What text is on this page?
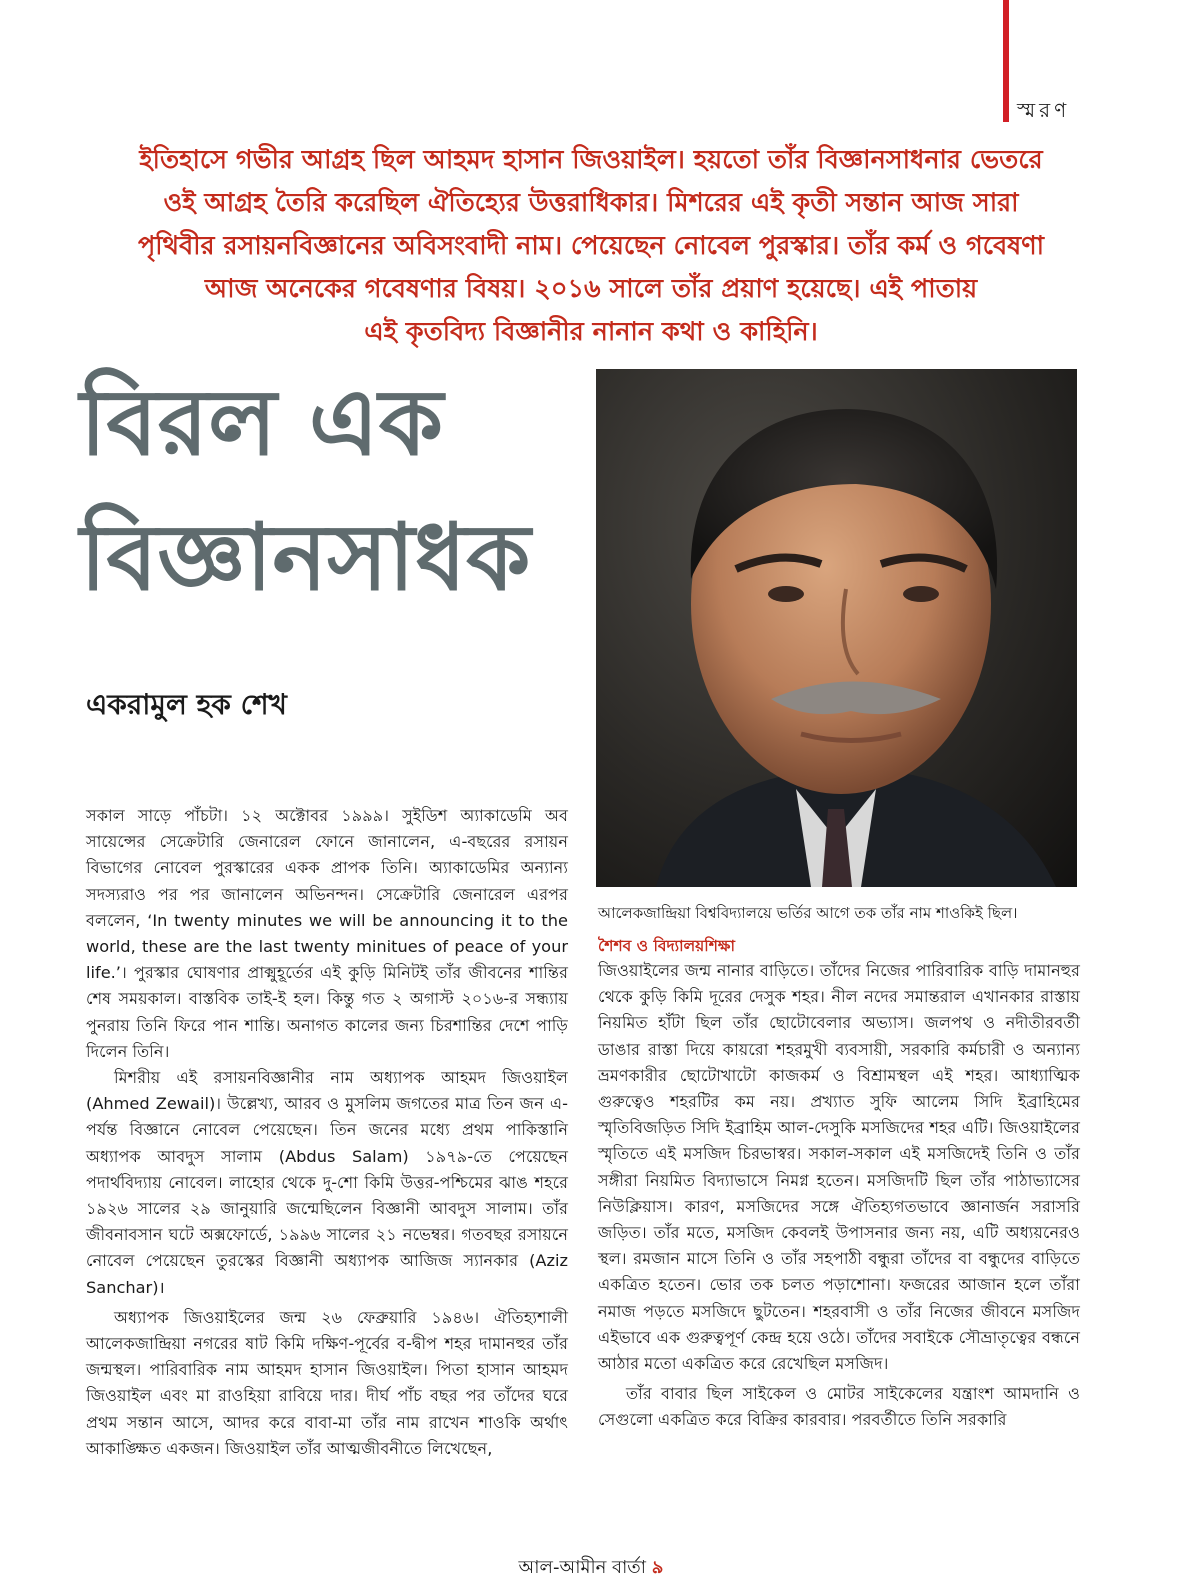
স্মরণ
ইতিহাসে গভীর আগ্রহ ছিল আহমদ হাসান জিওয়াইল। হয়তো তাঁর বিজ্ঞানসাধনার ভেতরে
ওই আগ্রহ তৈরি করেছিল ঐতিহ্যের উত্তরাধিকার। মিশরের এই কৃতী সন্তান আজ সারা
পৃথিবীর রসায়নবিজ্ঞানের অবিসংবাদী নাম। পেয়েছেন নোবেল পুরস্কার। তাঁর কর্ম ও গবেষণা
আজ অনেকের গবেষণার বিষয়। ২০১৬ সালে তাঁর প্রয়াণ হয়েছে। এই পাতায়
এই কৃতবিদ্য বিজ্ঞানীর নানান কথা ও কাহিনি।
বিরল এক
বিজ্ঞানসাধক
একরামুল হক শেখ
আলেকজান্দ্রিয়া বিশ্ববিদ্যালয়ে ভর্তির আগে তক তাঁর নাম শাওকিই ছিল।
শৈশব ও বিদ্যালয়শিক্ষা

সকাল সাড়ে পাঁচটা। ১২ অক্টোবর ১৯৯৯। সুইডিশ অ্যাকাডেমি অব সায়েন্সের সেক্রেটারি জেনারেল ফোনে জানালেন, এ-বছরের রসায়ন বিভাগের নোবেল পুরস্কারের একক প্রাপক তিনি। অ্যাকাডেমির অন্যান্য সদস্যরাও পর পর জানালেন অভিনন্দন। সেক্রেটারি জেনারেল এরপর বললেন, ‘In twenty minutes we will be announcing it to the world, these are the last twenty minitues of peace of your life.’। পুরস্কার ঘোষণার প্রাক্মুহূর্তের এই কুড়ি মিনিটই তাঁর জীবনের শান্তির শেষ সময়কাল। বাস্তবিক তাই-ই হল। কিন্তু গত ২ অগাস্ট ২০১৬-র সন্ধ্যায় পুনরায় তিনি ফিরে পান শান্তি। অনাগত কালের জন্য চিরশান্তির দেশে পাড়ি দিলেন তিনি।

মিশরীয় এই রসায়নবিজ্ঞানীর নাম অধ্যাপক আহমদ জিওয়াইল (Ahmed Zewail)। উল্লেখ্য, আরব ও মুসলিম জগতের মাত্র তিন জন এ-পর্যন্ত বিজ্ঞানে নোবেল পেয়েছেন। তিন জনের মধ্যে প্রথম পাকিস্তানি অধ্যাপক আবদুস সালাম (Abdus Salam) ১৯৭৯-তে পেয়েছেন পদার্থবিদ্যায় নোবেল। লাহোর থেকে দু-শো কিমি উত্তর-পশ্চিমের ঝাঙ শহরে ১৯২৬ সালের ২৯ জানুয়ারি জন্মেছিলেন বিজ্ঞানী আবদুস সালাম। তাঁর জীবনাবসান ঘটে অক্সফোর্ডে, ১৯৯৬ সালের ২১ নভেম্বর। গতবছর রসায়নে নোবেল পেয়েছেন তুরস্কের বিজ্ঞানী অধ্যাপক আজিজ স্যানকার (Aziz Sanchar)।

অধ্যাপক জিওয়াইলের জন্ম ২৬ ফেব্রুয়ারি ১৯৪৬। ঐতিহ্যশালী আলেকজান্দ্রিয়া নগরের ষাট কিমি দক্ষিণ-পূর্বের ব-দ্বীপ শহর দামানহুর তাঁর জন্মস্থল। পারিবারিক নাম আহমদ হাসান জিওয়াইল। পিতা হাসান আহমদ জিওয়াইল এবং মা রাওহিয়া রাবিয়ে দার। দীর্ঘ পাঁচ বছর পর তাঁদের ঘরে প্রথম সন্তান আসে, আদর করে বাবা-মা তাঁর নাম রাখেন শাওকি অর্থাৎ আকাঙ্ক্ষিত একজন। জিওয়াইল তাঁর আত্মজীবনীতে লিখেছেন,

জিওয়াইলের জন্ম নানার বাড়িতে। তাঁদের নিজের পারিবারিক বাড়ি দামানহুর থেকে কুড়ি কিমি দূরের দেসুক শহর। নীল নদের সমান্তরাল এখানকার রাস্তায় নিয়মিত হাঁটা ছিল তাঁর ছোটোবেলার অভ্যাস। জলপথ ও নদীতীরবর্তী ডাঙার রাস্তা দিয়ে কায়রো শহরমুখী ব্যবসায়ী, সরকারি কর্মচারী ও অন্যান্য ভ্রমণকারীর ছোটোখাটো কাজকর্ম ও বিশ্রামস্থল এই শহর। আধ্যাত্মিক গুরুত্বেও শহরটির কম নয়। প্রখ্যাত সুফি আলেম সিদি ইব্রাহিমের স্মৃতিবিজড়িত সিদি ইব্রাহিম আল-দেসুকি মসজিদের শহর এটি। জিওয়াইলের স্মৃতিতে এই মসজিদ চিরভাস্বর। সকাল-সকাল এই মসজিদেই তিনি ও তাঁর সঙ্গীরা নিয়মিত বিদ্যাভাসে নিমগ্ন হতেন। মসজিদটি ছিল তাঁর পাঠাভ্যাসের নিউক্লিয়াস। কারণ, মসজিদের সঙ্গে ঐতিহ্যগতভাবে জ্ঞানার্জন সরাসরি জড়িত। তাঁর মতে, মসজিদ কেবলই উপাসনার জন্য নয়, এটি অধ্যয়নেরও স্থল। রমজান মাসে তিনি ও তাঁর সহপাঠী বন্ধুরা তাঁদের বা বন্ধুদের বাড়িতে একত্রিত হতেন। ভোর তক চলত পড়াশোনা। ফজরের আজান হলে তাঁরা নমাজ পড়তে মসজিদে ছুটতেন। শহরবাসী ও তাঁর নিজের জীবনে মসজিদ এইভাবে এক গুরুত্বপূর্ণ কেন্দ্র হয়ে ওঠে। তাঁদের সবাইকে সৌভ্রাতৃত্বের বন্ধনে আঠার মতো একত্রিত করে রেখেছিল মসজিদ।

তাঁর বাবার ছিল সাইকেল ও মোটর সাইকেলের যন্ত্রাংশ আমদানি ও সেগুলো একত্রিত করে বিক্রির কারবার। পরবর্তীতে তিনি সরকারি

আল-আমীন বার্তা ৯
